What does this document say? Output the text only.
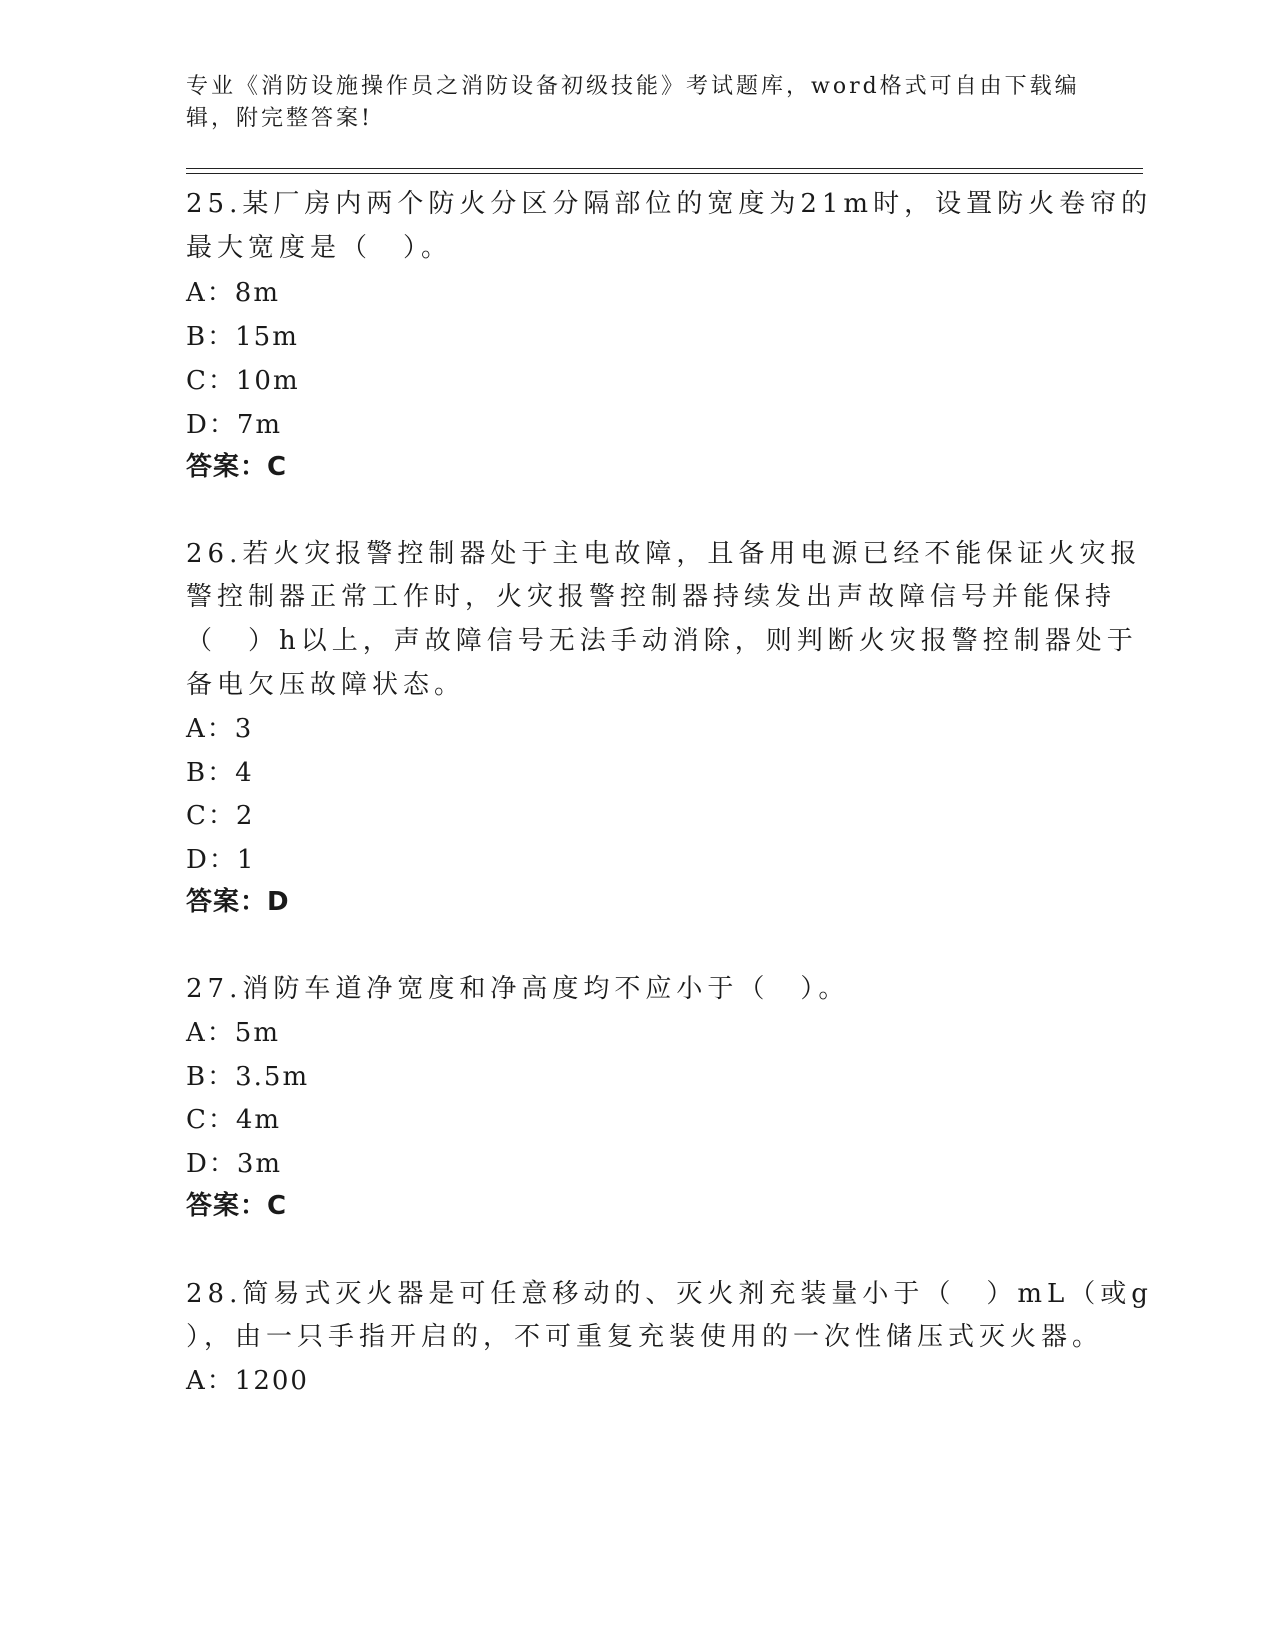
专业《消防设施操作员之消防设备初级技能》考试题库，word格式可自由下载编
辑，附完整答案!
25.某厂房内两个防火分区分隔部位的宽度为21m时，设置防火卷帘的
最大宽度是（　）。
A：8m
B：15m
C：10m
D：7m
答案：C
26.若火灾报警控制器处于主电故障，且备用电源已经不能保证火灾报
警控制器正常工作时，火灾报警控制器持续发出声故障信号并能保持
（　）h以上，声故障信号无法手动消除，则判断火灾报警控制器处于
备电欠压故障状态。
A：3
B：4
C：2
D：1
答案：D
27.消防车道净宽度和净高度均不应小于（　）。
A：5m
B：3.5m
C：4m
D：3m
答案：C
28.简易式灭火器是可任意移动的、灭火剂充装量小于（　）mL（或g
），由一只手指开启的，不可重复充装使用的一次性储压式灭火器。
A：1200
